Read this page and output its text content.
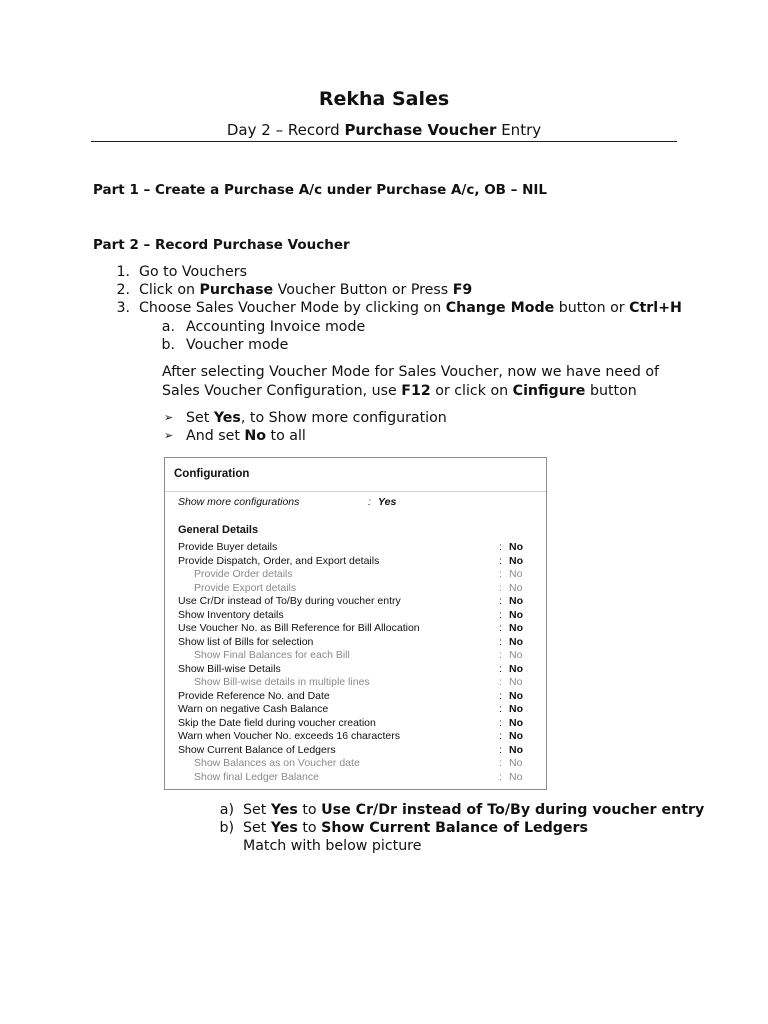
Rekha Sales
Day 2 – Record Purchase Voucher Entry
Part 1 – Create a Purchase A/c under Purchase A/c, OB – NIL
Part 2 – Record Purchase Voucher
1. Go to Vouchers
2. Click on Purchase Voucher Button or Press F9
3. Choose Sales Voucher Mode by clicking on Change Mode button or Ctrl+H
a. Accounting Invoice mode
b. Voucher mode
After selecting Voucher Mode for Sales Voucher, now we have need of
Sales Voucher Configuration, use F12 or click on Cinfigure button
➢ Set Yes, to Show more configuration
➢ And set No to all
Configuration
Show more configurations	: Yes
General Details
Provide Buyer details	: No
Provide Dispatch, Order, and Export details	: No
Provide Order details	: No
Provide Export details	: No
Use Cr/Dr instead of To/By during voucher entry	: No
Show Inventory details	: No
Use Voucher No. as Bill Reference for Bill Allocation	: No
Show list of Bills for selection	: No
Show Final Balances for each Bill	: No
Show Bill-wise Details	: No
Show Bill-wise details in multiple lines	: No
Provide Reference No. and Date	: No
Warn on negative Cash Balance	: No
Skip the Date field during voucher creation	: No
Warn when Voucher No. exceeds 16 characters	: No
Show Current Balance of Ledgers	: No
Show Balances as on Voucher date	: No
Show final Ledger Balance	: No
a) Set Yes to Use Cr/Dr instead of To/By during voucher entry
b) Set Yes to Show Current Balance of Ledgers
Match with below picture
